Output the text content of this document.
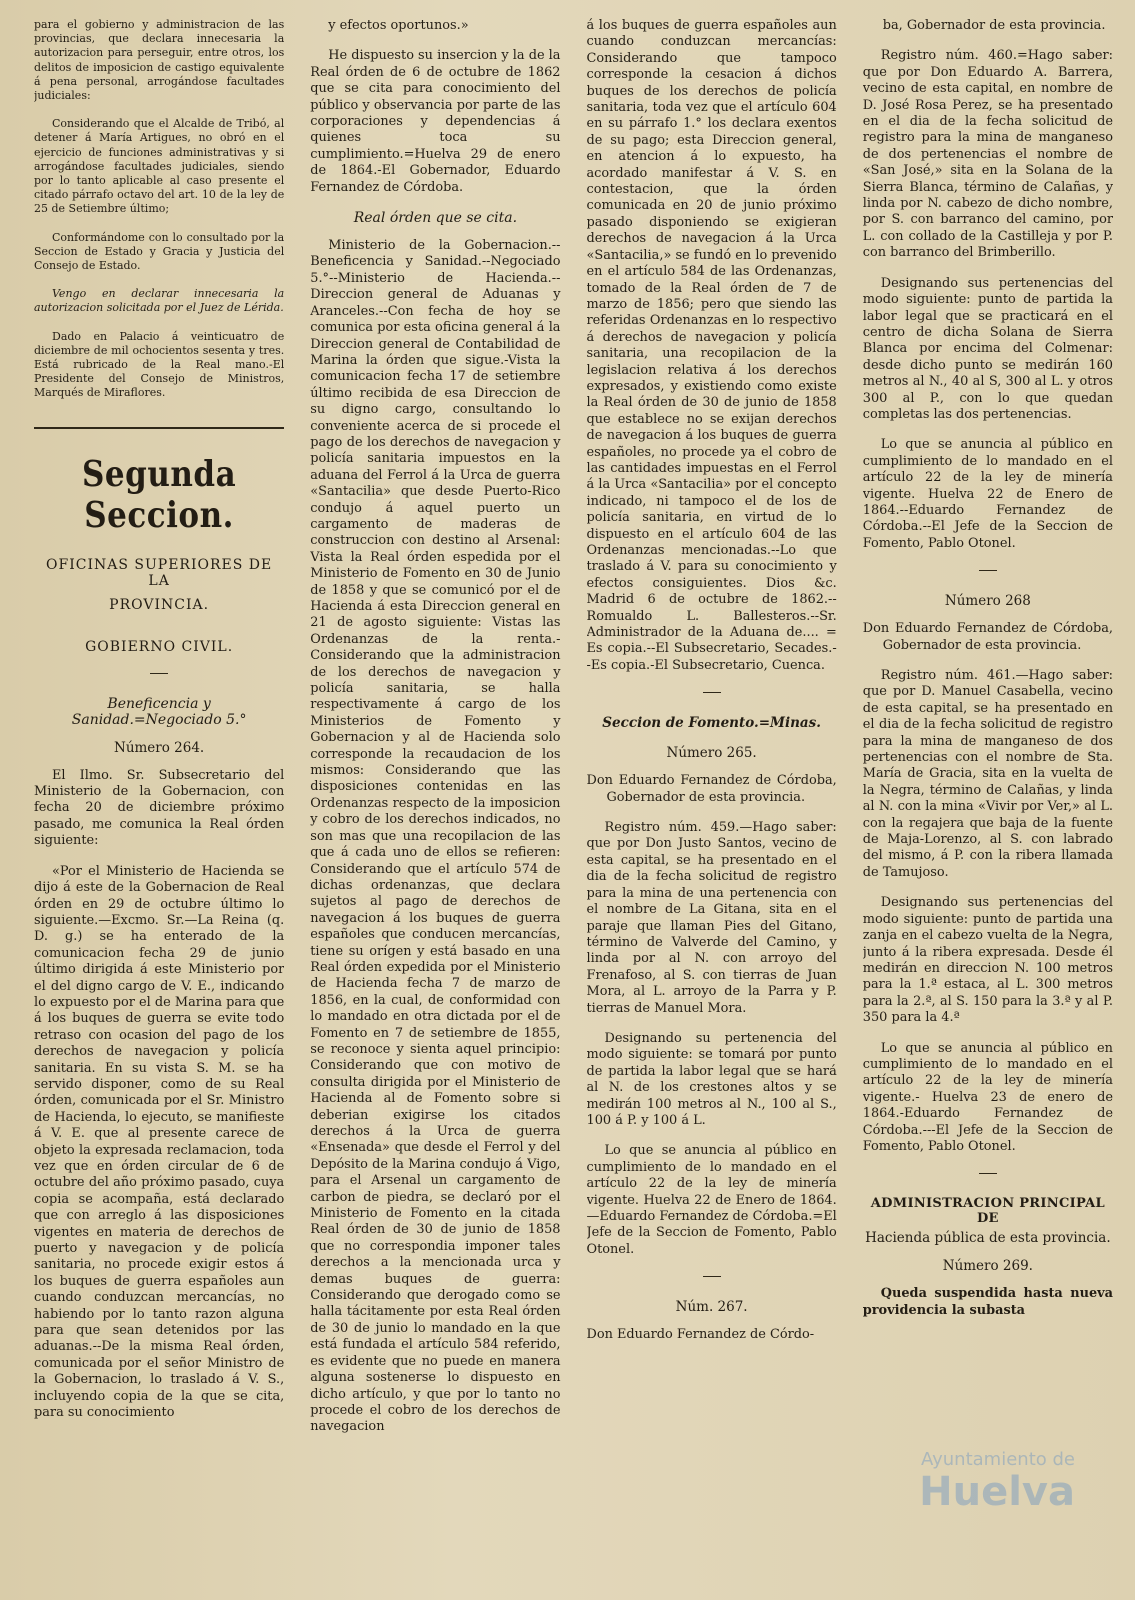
para el gobierno y administracion de las provincias, que declara innecesaria la autorizacion para perseguir, entre otros, los delitos de imposicion de castigo equivalente á pena personal, arrogándose facultades judiciales:

Considerando que el Alcalde de Tribó, al detener á María Artigues, no obró en el ejercicio de funciones administrativas y si arrogándose facultades judiciales, siendo por lo tanto aplicable al caso presente el citado párrafo octavo del art. 10 de la ley de 25 de Setiembre último;

Conformándome con lo consultado por la Seccion de Estado y Gracia y Justicia del Consejo de Estado.

Vengo en declarar innecesaria la autorizacion solicitada por el Juez de Lérida.

Dado en Palacio á veinticuatro de diciembre de mil ochocientos sesenta y tres. Está rubricado de la Real mano.-El Presidente del Consejo de Ministros, Marqués de Miraflores.

Segunda Seccion.
OFICINAS SUPERIORES DE LA
PROVINCIA.
GOBIERNO CIVIL.
Beneficencia y Sanidad.=Negociado 5.°
Número 264.

El Ilmo. Sr. Subsecretario del Ministerio de la Gobernacion, con fecha 20 de diciembre próximo pasado, me comunica la Real órden siguiente:

«Por el Ministerio de Hacienda se dijo á este de la Gobernacion de Real órden en 29 de octubre último lo siguiente.—Excmo. Sr.—La Reina (q. D. g.) se ha enterado de la comunicacion fecha 29 de junio último dirigida á este Ministerio por el del digno cargo de V. E., indicando lo expuesto por el de Marina para que á los buques de guerra se evite todo retraso con ocasion del pago de los derechos de navegacion y policía sanitaria. En su vista S. M. se ha servido disponer, como de su Real órden, comunicada por el Sr. Ministro de Hacienda, lo ejecuto, se manifieste á V. E. que al presente carece de objeto la expresada reclamacion, toda vez que en órden circular de 6 de octubre del año próximo pasado, cuya copia se acompaña, está declarado que con arreglo á las disposiciones vigentes en materia de derechos de puerto y navegacion y de policía sanitaria, no procede exigir estos á los buques de guerra españoles aun cuando conduzcan mercancías, no habiendo por lo tanto razon alguna para que sean detenidos por las aduanas.--De la misma Real órden, comunicada por el señor Ministro de la Gobernacion, lo traslado á V. S., incluyendo copia de la que se cita, para su conocimiento

y efectos oportunos.»

He dispuesto su insercion y la de la Real órden de 6 de octubre de 1862 que se cita para conocimiento del público y observancia por parte de las corporaciones y dependencias á quienes toca su cumplimiento.=Huelva 29 de enero de 1864.-El Gobernador, Eduardo Fernandez de Córdoba.

Real órden que se cita.

Ministerio de la Gobernacion.--Beneficencia y Sanidad.--Negociado 5.°--Ministerio de Hacienda.--Direccion general de Aduanas y Aranceles.--Con fecha de hoy se comunica por esta oficina general á la Direccion general de Contabilidad de Marina la órden que sigue.-Vista la comunicacion fecha 17 de setiembre último recibida de esa Direccion de su digno cargo, consultando lo conveniente acerca de si procede el pago de los derechos de navegacion y policía sanitaria impuestos en la aduana del Ferrol á la Urca de guerra «Santacilia» que desde Puerto-Rico condujo á aquel puerto un cargamento de maderas de construccion con destino al Arsenal: Vista la Real órden espedida por el Ministerio de Fomento en 30 de Junio de 1858 y que se comunicó por el de Hacienda á esta Direccion general en 21 de agosto siguiente: Vistas las Ordenanzas de la renta.-Considerando que la administracion de los derechos de navegacion y policía sanitaria, se halla respectivamente á cargo de los Ministerios de Fomento y Gobernacion y al de Hacienda solo corresponde la recaudacion de los mismos: Considerando que las disposiciones contenidas en las Ordenanzas respecto de la imposicion y cobro de los derechos indicados, no son mas que una recopilacion de las que á cada uno de ellos se refieren: Considerando que el artículo 574 de dichas ordenanzas, que declara sujetos al pago de derechos de navegacion á los buques de guerra españoles que conducen mercancías, tiene su orígen y está basado en una Real órden expedida por el Ministerio de Hacienda fecha 7 de marzo de 1856, en la cual, de conformidad con lo mandado en otra dictada por el de Fomento en 7 de setiembre de 1855, se reconoce y sienta aquel principio: Considerando que con motivo de consulta dirigida por el Ministerio de Hacienda al de Fomento sobre si deberian exigirse los citados derechos á la Urca de guerra «Ensenada» que desde el Ferrol y del Depósito de la Marina condujo á Vigo, para el Arsenal un cargamento de carbon de piedra, se declaró por el Ministerio de Fomento en la citada Real órden de 30 de junio de 1858 que no correspondia imponer tales derechos a la mencionada urca y demas buques de guerra: Considerando que derogado como se halla tácitamente por esta Real órden de 30 de junio lo mandado en la que está fundada el artículo 584 referido, es evidente que no puede en manera alguna sostenerse lo dispuesto en dicho artículo, y que por lo tanto no procede el cobro de los derechos de navegacion

á los buques de guerra españoles aun cuando conduzcan mercancías: Considerando que tampoco corresponde la cesacion á dichos buques de los derechos de policía sanitaria, toda vez que el artículo 604 en su párrafo 1.° los declara exentos de su pago; esta Direccion general, en atencion á lo expuesto, ha acordado manifestar á V. S. en contestacion, que la órden comunicada en 20 de junio próximo pasado disponiendo se exigieran derechos de navegacion á la Urca «Santacilia,» se fundó en lo prevenido en el artículo 584 de las Ordenanzas, tomado de la Real órden de 7 de marzo de 1856; pero que siendo las referidas Ordenanzas en lo respectivo á derechos de navegacion y policía sanitaria, una recopilacion de la legislacion relativa á los derechos expresados, y existiendo como existe la Real órden de 30 de junio de 1858 que establece no se exijan derechos de navegacion á los buques de guerra españoles, no procede ya el cobro de las cantidades impuestas en el Ferrol á la Urca «Santacilia» por el concepto indicado, ni tampoco el de los de policía sanitaria, en virtud de lo dispuesto en el artículo 604 de las Ordenanzas mencionadas.--Lo que traslado á V. para su conocimiento y efectos consiguientes. Dios &c. Madrid 6 de octubre de 1862.--Romualdo L. Ballesteros.--Sr. Administrador de la Aduana de.... = Es copia.--El Subsecretario, Secades.--Es copia.-El Subsecretario, Cuenca.

Seccion de Fomento.=Minas.
Número 265.

Don Eduardo Fernandez de Córdoba, Gobernador de esta provincia.

Registro núm. 459.—Hago saber: que por Don Justo Santos, vecino de esta capital, se ha presentado en el dia de la fecha solicitud de registro para la mina de una pertenencia con el nombre de La Gitana, sita en el paraje que llaman Pies del Gitano, término de Valverde del Camino, y linda por al N. con arroyo del Frenafoso, al S. con tierras de Juan Mora, al L. arroyo de la Parra y P. tierras de Manuel Mora.

Designando su pertenencia del modo siguiente: se tomará por punto de partida la labor legal que se hará al N. de los crestones altos y se medirán 100 metros al N., 100 al S., 100 á P. y 100 á L.

Lo que se anuncia al público en cumplimiento de lo mandado en el artículo 22 de la ley de minería vigente. Huelva 22 de Enero de 1864.—Eduardo Fernandez de Córdoba.=El Jefe de la Seccion de Fomento, Pablo Otonel.

Núm. 267.

Don Eduardo Fernandez de Córdo-

ba, Gobernador de esta provincia.

Registro núm. 460.=Hago saber: que por Don Eduardo A. Barrera, vecino de esta capital, en nombre de D. José Rosa Perez, se ha presentado en el dia de la fecha solicitud de registro para la mina de manganeso de dos pertenencias el nombre de «San José,» sita en la Solana de la Sierra Blanca, término de Calañas, y linda por N. cabezo de dicho nombre, por S. con barranco del camino, por L. con collado de la Castilleja y por P. con barranco del Brimberillo.

Designando sus pertenencias del modo siguiente: punto de partida la labor legal que se practicará en el centro de dicha Solana de Sierra Blanca por encima del Colmenar: desde dicho punto se medirán 160 metros al N., 40 al S, 300 al L. y otros 300 al P., con lo que quedan completas las dos pertenencias.

Lo que se anuncia al público en cumplimiento de lo mandado en el artículo 22 de la ley de minería vigente. Huelva 22 de Enero de 1864.--Eduardo Fernandez de Córdoba.--El Jefe de la Seccion de Fomento, Pablo Otonel.

Número 268

Don Eduardo Fernandez de Córdoba, Gobernador de esta provincia.

Registro núm. 461.—Hago saber: que por D. Manuel Casabella, vecino de esta capital, se ha presentado en el dia de la fecha solicitud de registro para la mina de manganeso de dos pertenencias con el nombre de Sta. María de Gracia, sita en la vuelta de la Negra, término de Calañas, y linda al N. con la mina «Vivir por Ver,» al L. con la regajera que baja de la fuente de Maja-Lorenzo, al S. con labrado del mismo, á P. con la ribera llamada de Tamujoso.

Designando sus pertenencias del modo siguiente: punto de partida una zanja en el cabezo vuelta de la Negra, junto á la ribera expresada. Desde él medirán en direccion N. 100 metros para la 1.ª estaca, al L. 300 metros para la 2.ª, al S. 150 para la 3.ª y al P. 350 para la 4.ª

Lo que se anuncia al público en cumplimiento de lo mandado en el artículo 22 de la ley de minería vigente.- Huelva 23 de enero de 1864.-Eduardo Fernandez de Córdoba.---El Jefe de la Seccion de Fomento, Pablo Otonel.

ADMINISTRACION PRINCIPAL DE
Hacienda pública de esta provincia.
Número 269.

Queda suspendida hasta nueva providencia la subasta

Ayuntamiento de
Huelva
